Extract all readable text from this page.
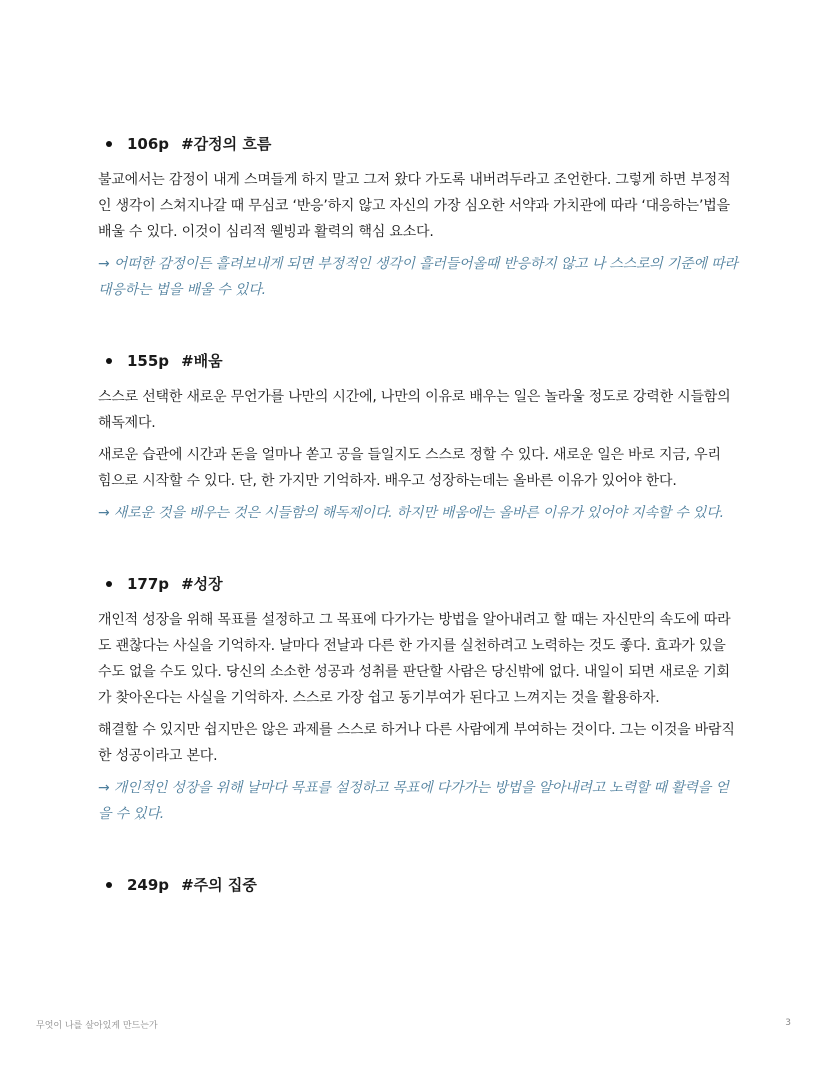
106p #감정의 흐름

불교에서는 감정이 내게 스며들게 하지 말고 그저 왔다 가도록 내버려두라고 조언한다. 그렇게 하면 부정적인 생각이 스쳐지나갈 때 무심코 ‘반응’하지 않고 자신의 가장 심오한 서약과 가치관에 따라 ‘대응하는’법을 배울 수 있다. 이것이 심리적 웰빙과 활력의 핵심 요소다.

→ 어떠한 감정이든 흘려보내게 되면 부정적인 생각이 흘러들어올때 반응하지 않고 나 스스로의 기준에 따라 대응하는 법을 배울 수 있다.

155p #배움

스스로 선택한 새로운 무언가를 나만의 시간에, 나만의 이유로 배우는 일은 놀라울 정도로 강력한 시들함의 해독제다.

새로운 습관에 시간과 돈을 얼마나 쏟고 공을 들일지도 스스로 정할 수 있다. 새로운 일은 바로 지금, 우리 힘으로 시작할 수 있다. 단, 한 가지만 기억하자. 배우고 성장하는데는 올바른 이유가 있어야 한다.

→ 새로운 것을 배우는 것은 시들함의 해독제이다. 하지만 배움에는 올바른 이유가 있어야 지속할 수 있다.

177p #성장

개인적 성장을 위해 목표를 설정하고 그 목표에 다가가는 방법을 알아내려고 할 때는 자신만의 속도에 따라도 괜찮다는 사실을 기억하자. 날마다 전날과 다른 한 가지를 실천하려고 노력하는 것도 좋다. 효과가 있을수도 없을 수도 있다. 당신의 소소한 성공과 성취를 판단할 사람은 당신밖에 없다. 내일이 되면 새로운 기회가 찾아온다는 사실을 기억하자. 스스로 가장 쉽고 동기부여가 된다고 느껴지는 것을 활용하자.

해결할 수 있지만 쉽지만은 않은 과제를 스스로 하거나 다른 사람에게 부여하는 것이다. 그는 이것을 바람직한 성공이라고 본다.

→ 개인적인 성장을 위해 날마다 목표를 설정하고 목표에 다가가는 방법을 알아내려고 노력할 때 활력을 얻을 수 있다.

249p #주의 집중
무엇이 나를 살아있게 만드는가	3
